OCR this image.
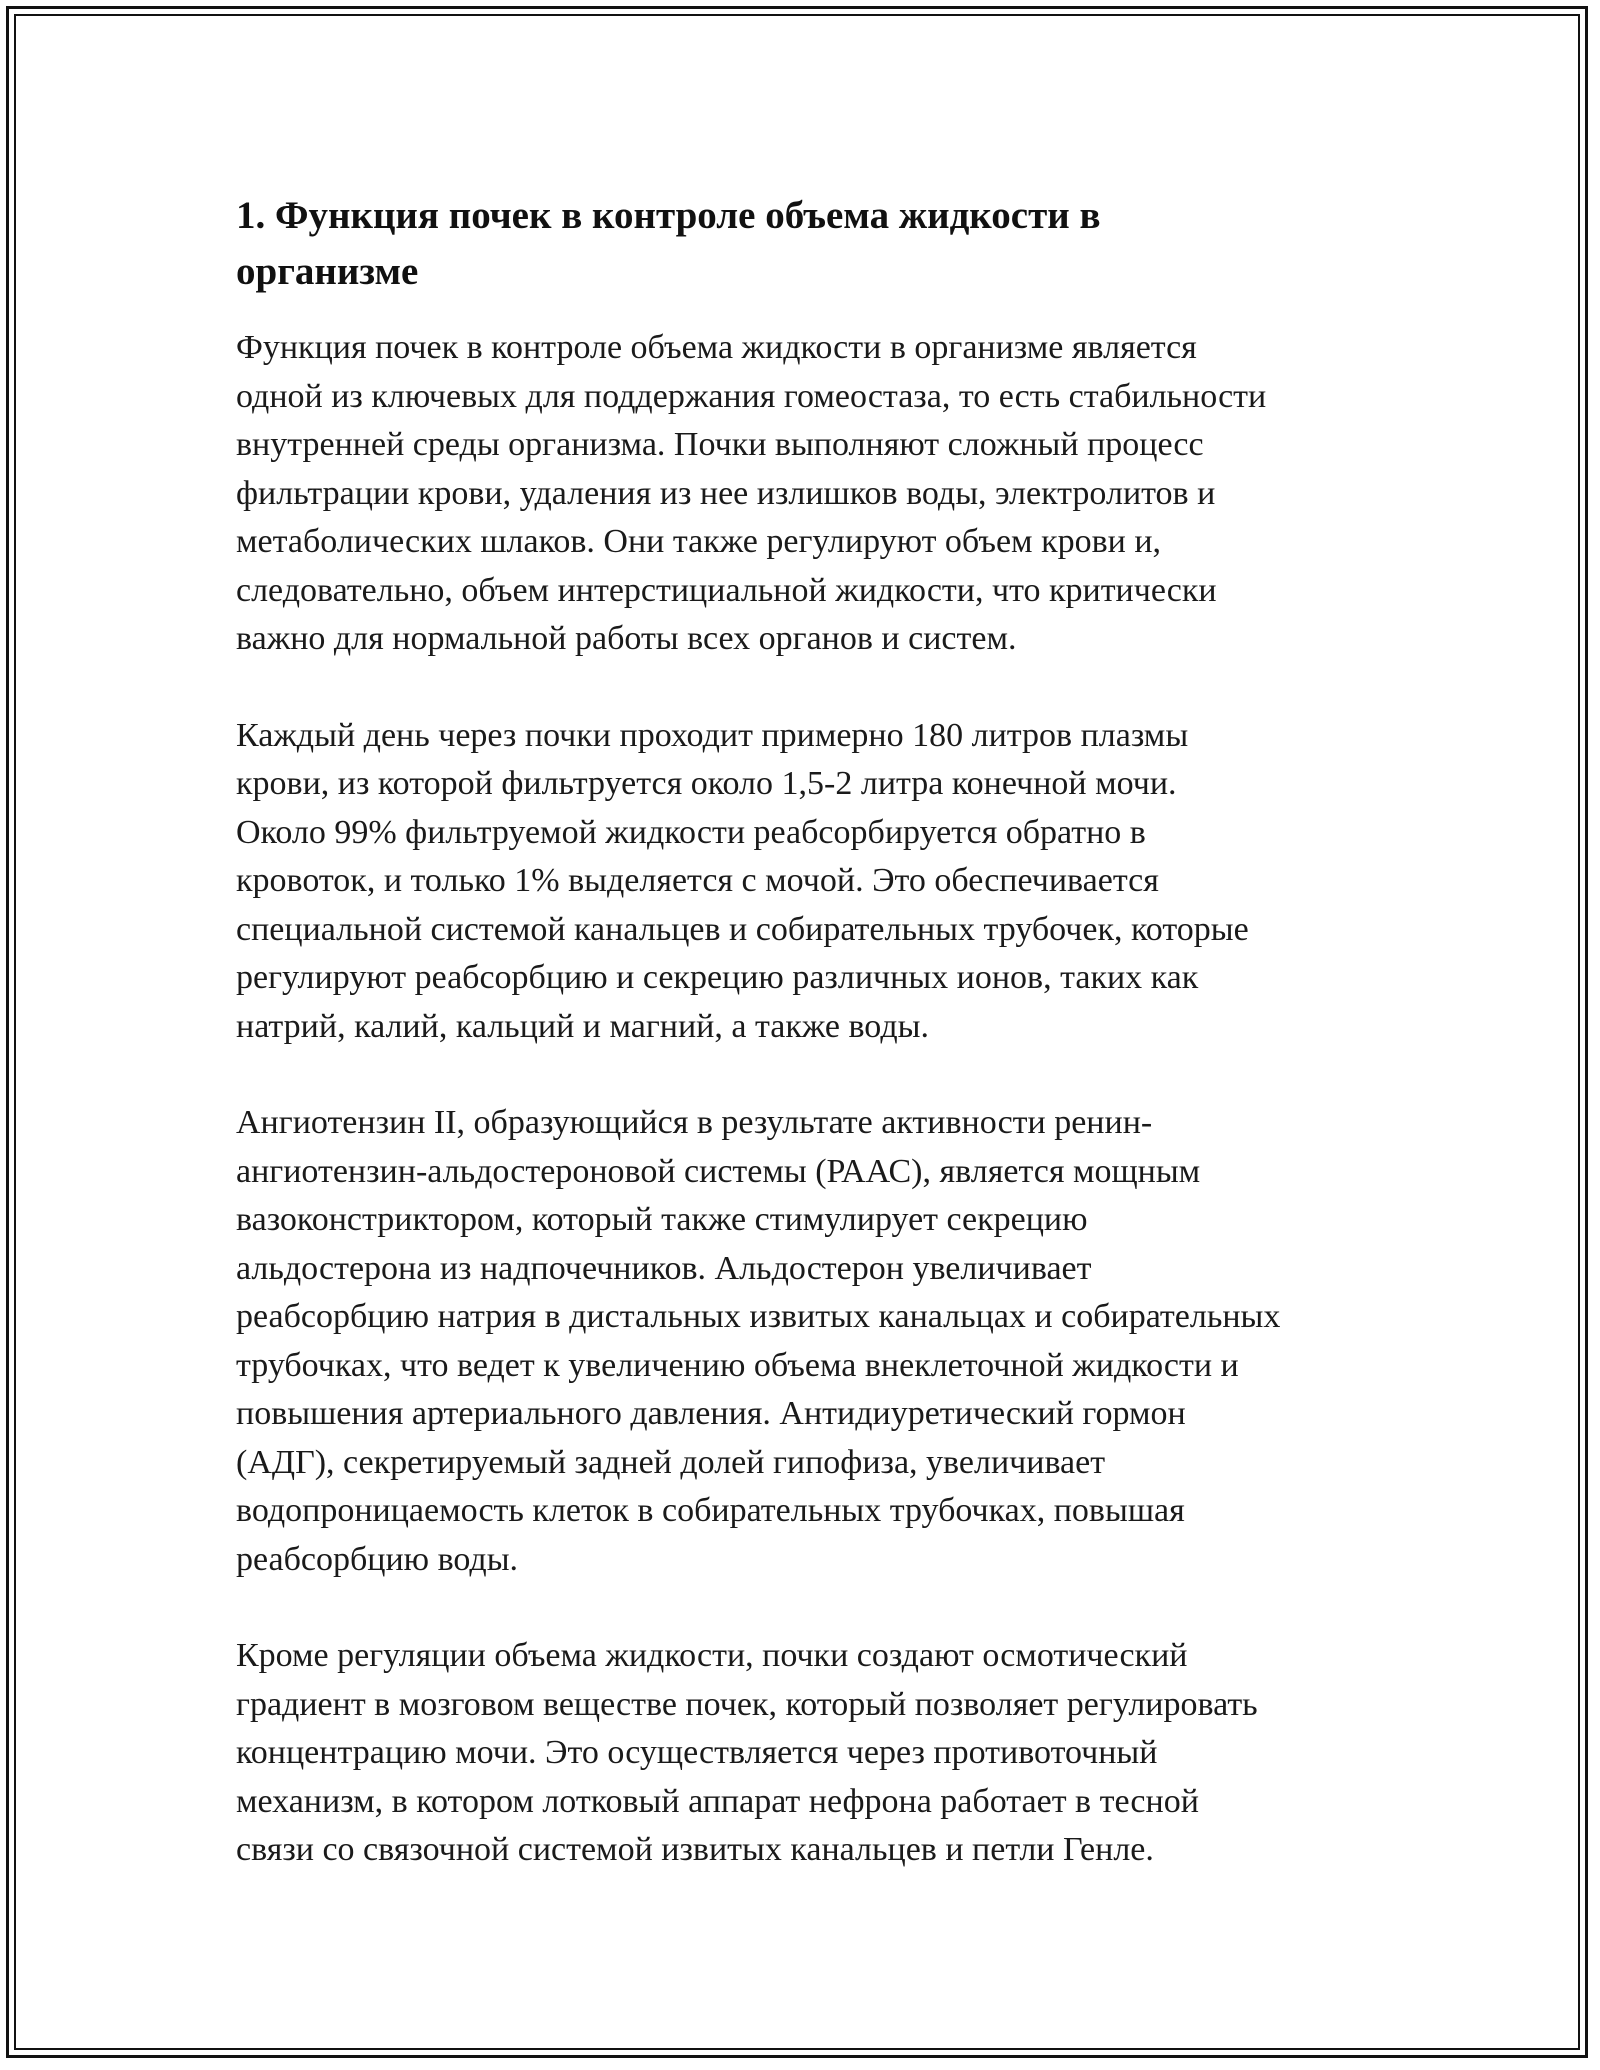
1. Функция почек в контроле объема жидкости в организме

Функция почек в контроле объема жидкости в организме является
одной из ключевых для поддержания гомеостаза, то есть стабильности
внутренней среды организма. Почки выполняют сложный процесс
фильтрации крови, удаления из нее излишков воды, электролитов и
метаболических шлаков. Они также регулируют объем крови и,
следовательно, объем интерстициальной жидкости, что критически
важно для нормальной работы всех органов и систем.

Каждый день через почки проходит примерно 180 литров плазмы
крови, из которой фильтруется около 1,5-2 литра конечной мочи.
Около 99% фильтруемой жидкости реабсорбируется обратно в
кровоток, и только 1% выделяется с мочой. Это обеспечивается
специальной системой канальцев и собирательных трубочек, которые
регулируют реабсорбцию и секрецию различных ионов, таких как
натрий, калий, кальций и магний, а также воды.

Ангиотензин II, образующийся в результате активности ренин-
ангиотензин-альдостероновой системы (РААС), является мощным
вазоконстриктором, который также стимулирует секрецию
альдостерона из надпочечников. Альдостерон увеличивает
реабсорбцию натрия в дистальных извитых канальцах и собирательных
трубочках, что ведет к увеличению объема внеклеточной жидкости и
повышения артериального давления. Антидиуретический гормон
(АДГ), секретируемый задней долей гипофиза, увеличивает
водопроницаемость клеток в собирательных трубочках, повышая
реабсорбцию воды.

Кроме регуляции объема жидкости, почки создают осмотический
градиент в мозговом веществе почек, который позволяет регулировать
концентрацию мочи. Это осуществляется через противоточный
механизм, в котором лотковый аппарат нефрона работает в тесной
связи со связочной системой извитых канальцев и петли Генле.
